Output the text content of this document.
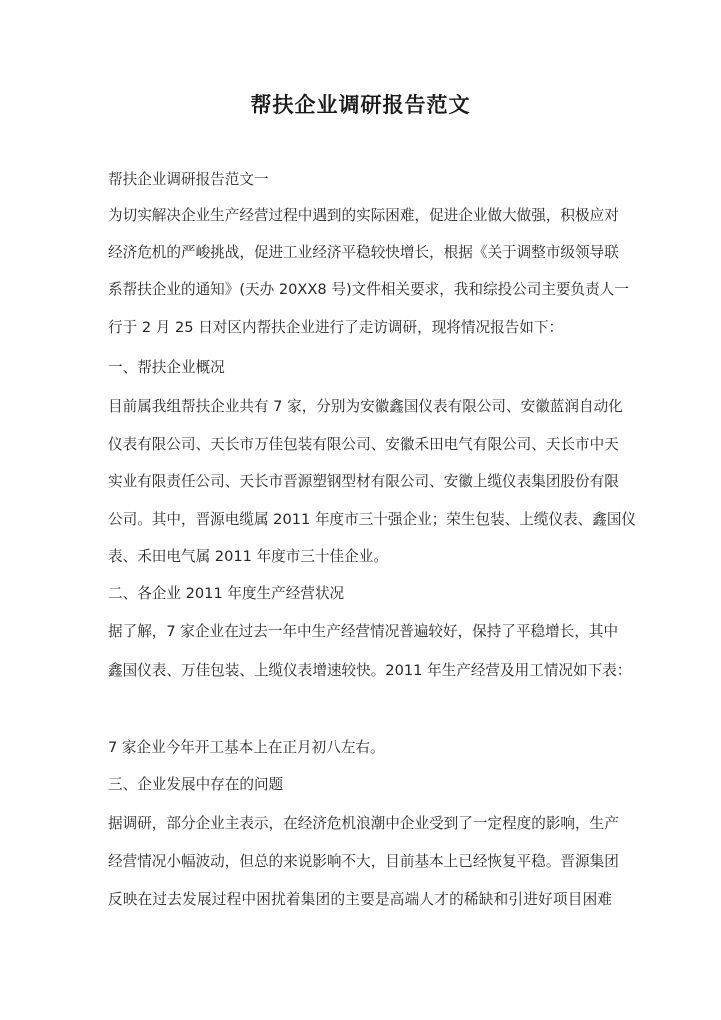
帮扶企业调研报告范文
帮扶企业调研报告范文一
为切实解决企业生产经营过程中遇到的实际困难，促进企业做大做强，积极应对
经济危机的严峻挑战，促进工业经济平稳较快增长，根据《关于调整市级领导联
系帮扶企业的通知》(天办 20XX8 号)文件相关要求，我和综投公司主要负责人一
行于 2 月 25 日对区内帮扶企业进行了走访调研，现将情况报告如下：
一、帮扶企业概况
目前属我组帮扶企业共有 7 家，分别为安徽鑫国仪表有限公司、安徽蓝润自动化
仪表有限公司、天长市万佳包装有限公司、安徽禾田电气有限公司、天长市中天
实业有限责任公司、天长市晋源塑钢型材有限公司、安徽上缆仪表集团股份有限
公司。其中，晋源电缆属 2011 年度市三十强企业；荣生包装、上缆仪表、鑫国仪
表、禾田电气属 2011 年度市三十佳企业。
二、各企业 2011 年度生产经营状况
据了解，7 家企业在过去一年中生产经营情况普遍较好，保持了平稳增长，其中
鑫国仪表、万佳包装、上缆仪表增速较快。2011 年生产经营及用工情况如下表：
7 家企业今年开工基本上在正月初八左右。
三、企业发展中存在的问题
据调研，部分企业主表示，在经济危机浪潮中企业受到了一定程度的影响，生产
经营情况小幅波动，但总的来说影响不大，目前基本上已经恢复平稳。晋源集团
反映在过去发展过程中困扰着集团的主要是高端人才的稀缺和引进好项目困难
